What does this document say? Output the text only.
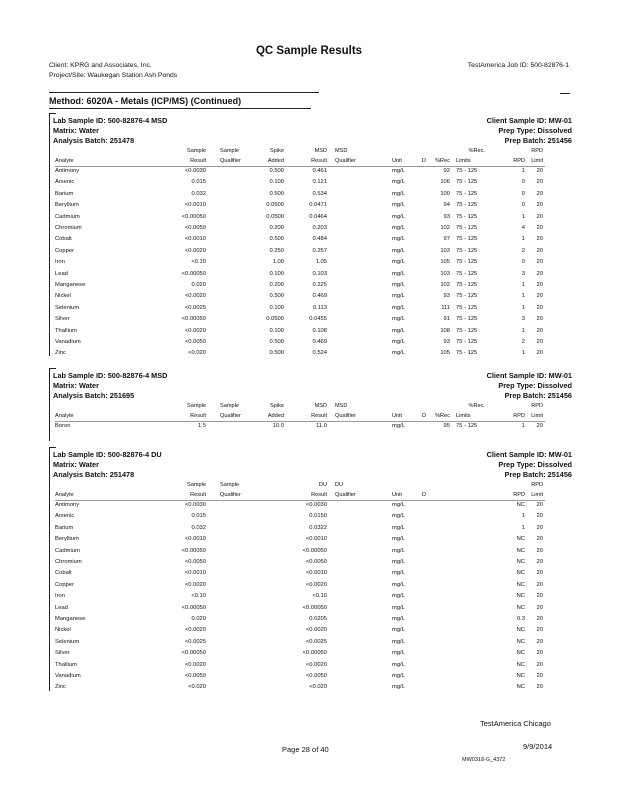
QC Sample Results
Client: KPRG and Associates, Inc.
Project/Site: Waukegan Station Ash Ponds
TestAmerica Job ID: 500-82876-1
Method: 6020A - Metals (ICP/MS) (Continued)
Lab Sample ID: 500-82876-4 MSD
Matrix: Water
Analysis Batch: 251478
Client Sample ID: MW-01
Prep Type: Dissolved
Prep Batch: 251456
Sample	Sample	Spike	MSD MSD	%Rec.	RPD
Analyte	Result	Qualifier	Added	Result Qualifier	Unit	D %Rec Limits	RPD Limit
Antimony	<0.0030	0.500	0.461	mg/L	92 75 - 125	1 20
Arsenic	0.015	0.100	0.121	mg/L	106 75 - 125	0 20
Barium	0.032	0.500	0.534	mg/L	100 75 - 125	0 20
Beryllium	<0.0010	0.0500	0.0471	mg/L	94 75 - 125	0 20
Cadmium	<0.00050	0.0500	0.0464	mg/L	93 75 - 125	1 20
Chromium	<0.0050	0.200	0.203	mg/L	102 75 - 125	4 20
Cobalt	<0.0010	0.500	0.484	mg/L	97 75 - 125	1 20
Copper	<0.0020	0.250	0.257	mg/L	103 75 - 125	2 20
Iron	<0.10	1.00	1.05	mg/L	105 75 - 125	0 20
Lead	<0.00050	0.100	0.103	mg/L	103 75 - 125	3 20
Manganese	0.020	0.200	0.225	mg/L	102 75 - 125	1 20
Nickel	<0.0020	0.500	0.469	mg/L	93 75 - 125	1 20
Selenium	<0.0025	0.100	0.113	mg/L	111 75 - 125	1 20
Silver	<0.00050	0.0500	0.0455	mg/L	91 75 - 125	3 20
Thallium	<0.0020	0.100	0.108	mg/L	108 75 - 125	1 20
Vanadium	<0.0050	0.500	0.469	mg/L	93 75 - 125	2 20
Zinc	<0.020	0.500	0.524	mg/L	105 75 - 125	1 20
Lab Sample ID: 500-82876-4 MSD
Matrix: Water
Analysis Batch: 251695
Client Sample ID: MW-01
Prep Type: Dissolved
Prep Batch: 251456
Sample	Sample	Spike	MSD MSD	%Rec.	RPD
Analyte	Result	Qualifier	Added	Result Qualifier	Unit	D %Rec Limits	RPD Limit
Boron	1.5	10.0	11.0	mg/L	95 75 - 125	1 20
Lab Sample ID: 500-82876-4 DU
Matrix: Water
Analysis Batch: 251478
Client Sample ID: MW-01
Prep Type: Dissolved
Prep Batch: 251456
Sample	Sample	DU DU	RPD
Analyte	Result	Qualifier	Result Qualifier	Unit	D	RPD Limit
Antimony	<0.0030	<0.0030	mg/L	NC 20
Arsenic	0.015	0.0150	mg/L	1 20
Barium	0.032	0.0322	mg/L	1 20
Beryllium	<0.0010	<0.0010	mg/L	NC 20
Cadmium	<0.00050	<0.00050	mg/L	NC 20
Chromium	<0.0050	<0.0050	mg/L	NC 20
Cobalt	<0.0010	<0.0010	mg/L	NC 20
Copper	<0.0020	<0.0020	mg/L	NC 20
Iron	<0.10	<0.10	mg/L	NC 20
Lead	<0.00050	<0.00050	mg/L	NC 20
Manganese	0.020	0.0205	mg/L	0.3 20
Nickel	<0.0020	<0.0020	mg/L	NC 20
Selenium	<0.0025	<0.0025	mg/L	NC 20
Silver	<0.00050	<0.00050	mg/L	NC 20
Thallium	<0.0020	<0.0020	mg/L	NC 20
Vanadium	<0.0050	<0.0050	mg/L	NC 20
Zinc	<0.020	<0.020	mg/L	NC 20
TestAmerica Chicago
Page 28 of 40	9/9/2014
MW0318-G_4372
